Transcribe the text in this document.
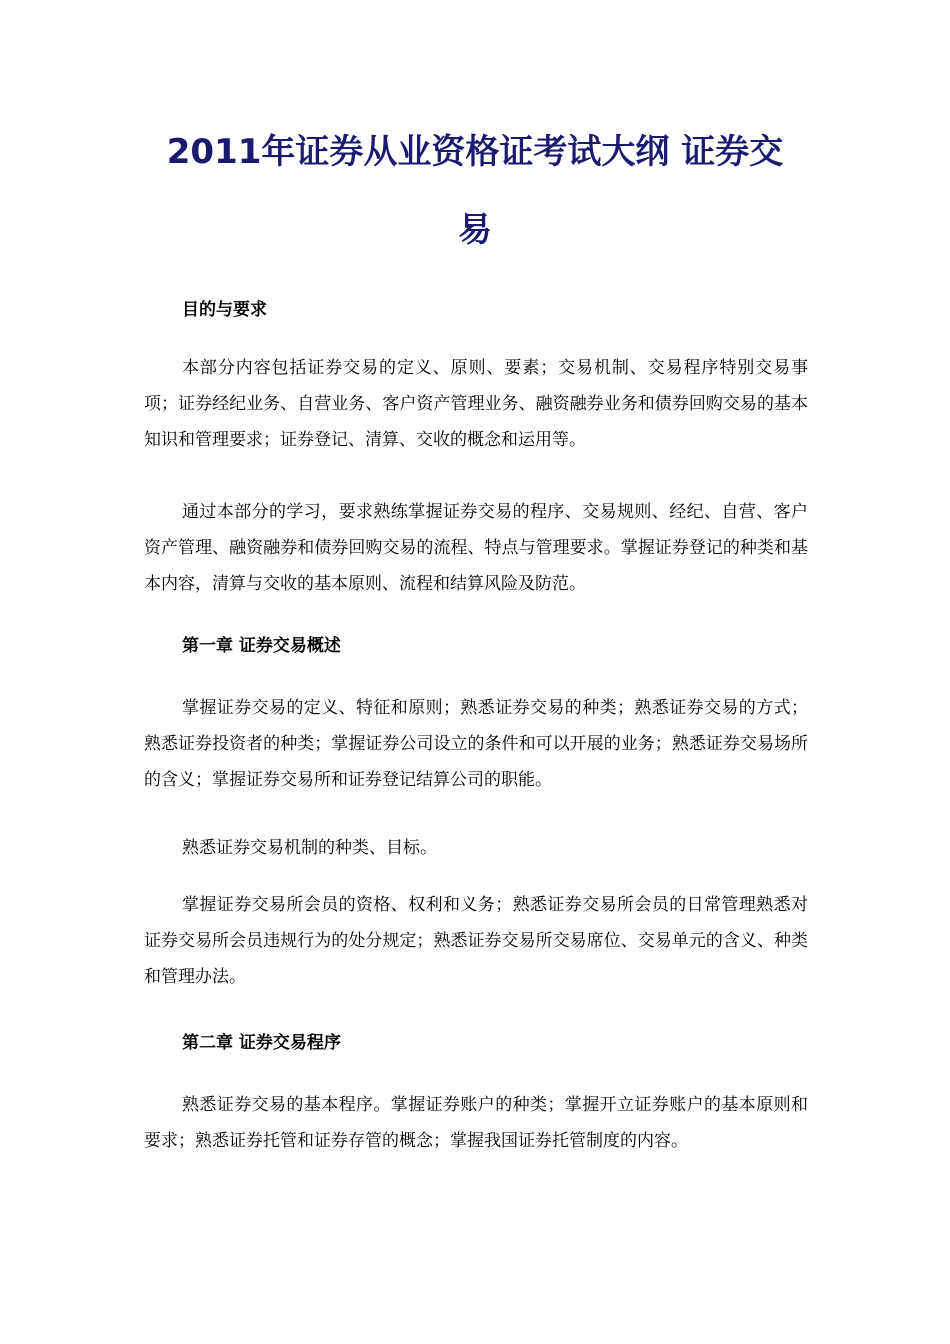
2011年证券从业资格证考试大纲 证券交
易
目的与要求

本部分内容包括证券交易的定义、原则、要素；交易机制、交易程序特别交易事项；证券经纪业务、自营业务、客户资产管理业务、融资融券业务和债券回购交易的基本知识和管理要求；证券登记、清算、交收的概念和运用等。

通过本部分的学习，要求熟练掌握证券交易的程序、交易规则、经纪、自营、客户资产管理、融资融券和债券回购交易的流程、特点与管理要求。掌握证券登记的种类和基本内容，清算与交收的基本原则、流程和结算风险及防范。

第一章 证券交易概述

掌握证券交易的定义、特征和原则；熟悉证券交易的种类；熟悉证券交易的方式；熟悉证券投资者的种类；掌握证券公司设立的条件和可以开展的业务；熟悉证券交易场所的含义；掌握证券交易所和证券登记结算公司的职能。

熟悉证券交易机制的种类、目标。

掌握证券交易所会员的资格、权利和义务；熟悉证券交易所会员的日常管理熟悉对证券交易所会员违规行为的处分规定；熟悉证券交易所交易席位、交易单元的含义、种类和管理办法。

第二章 证券交易程序

熟悉证券交易的基本程序。掌握证券账户的种类；掌握开立证券账户的基本原则和要求；熟悉证券托管和证券存管的概念；掌握我国证券托管制度的内容。
